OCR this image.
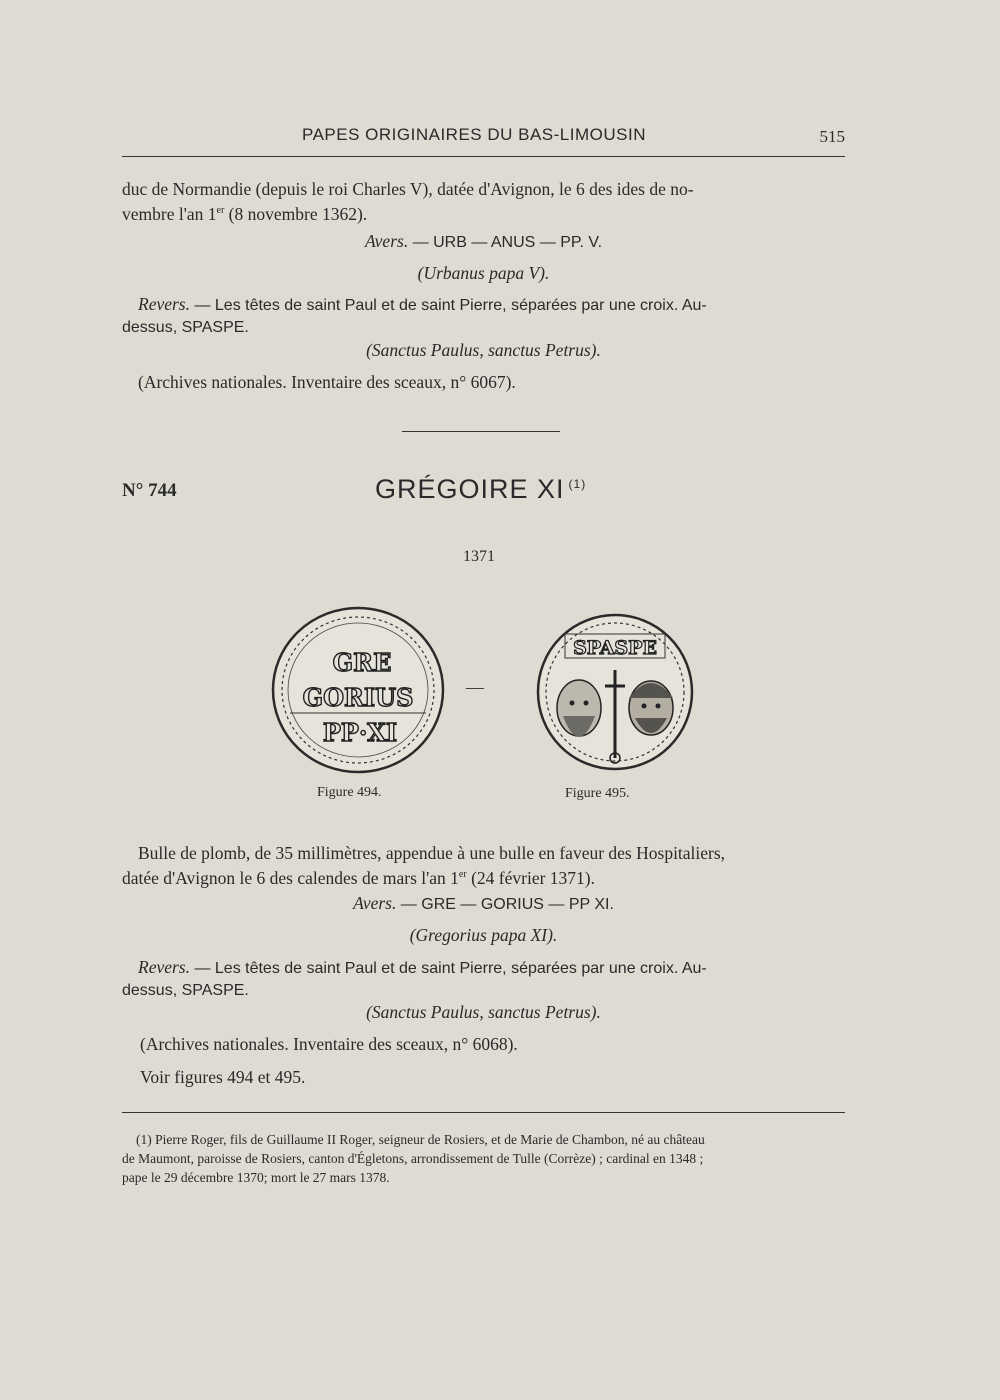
PAPES ORIGINAIRES DU BAS-LIMOUSIN	515
duc de Normandie (depuis le roi Charles V), datée d'Avignon, le 6 des ides de no-
vembre l'an 1er (8 novembre 1362).
Avers. — URB — ANUS — PP. V.
(Urbanus papa V).
Revers. — Les têtes de saint Paul et de saint Pierre, séparées par une croix. Au-
dessus, SPASPE.
(Sanctus Paulus, sanctus Petrus).
(Archives nationales. Inventaire des sceaux, n° 6067).
N° 744	GRÉGOIRE XI $^{(1)}$
1371
GRE
GORIUS
PP·XI
Figure 494.
—
SPASPE
Figure 495.
Bulle de plomb, de 35 millimètres, appendue à une bulle en faveur des Hospitaliers,
datée d'Avignon le 6 des calendes de mars l'an 1er (24 février 1371).
Avers. — GRE — GORIUS — PP XI.
(Gregorius papa XI).
Revers. — Les têtes de saint Paul et de saint Pierre, séparées par une croix. Au-
dessus, SPASPE.
(Sanctus Paulus, sanctus Petrus).
(Archives nationales. Inventaire des sceaux, n° 6068).
Voir figures 494 et 495.
(1) Pierre Roger, fils de Guillaume II Roger, seigneur de Rosiers, et de Marie de Chambon, né au château
de Maumont, paroisse de Rosiers, canton d'Égletons, arrondissement de Tulle (Corrèze) ; cardinal en 1348 ;
pape le 29 décembre 1370; mort le 27 mars 1378.
